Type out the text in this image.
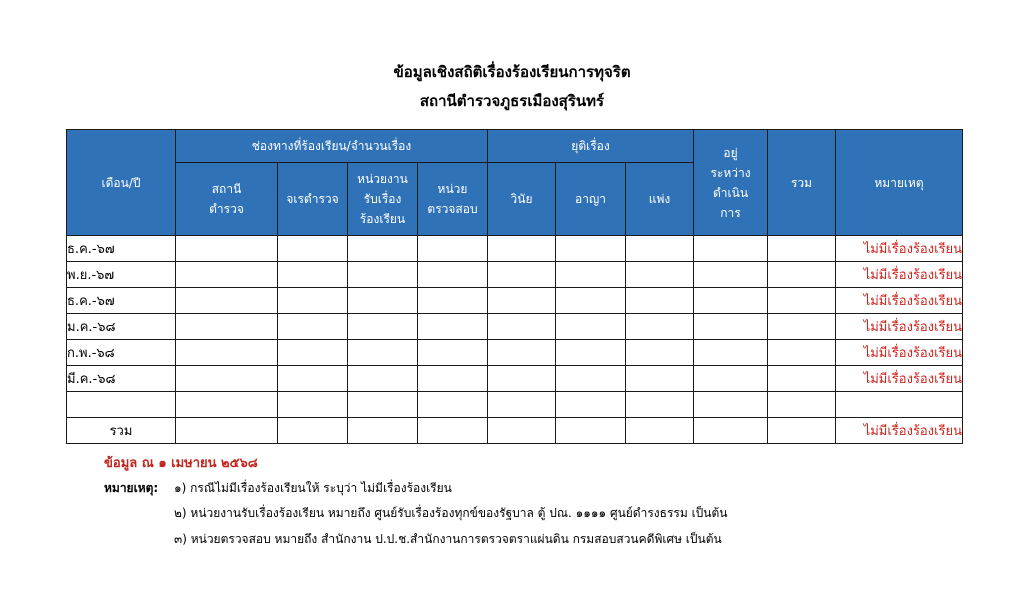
ข้อมูลเชิงสถิติเรื่องร้องเรียนการทุจริต
สถานีตำรวจภูธรเมืองสุรินทร์
เดือน/ปี	ช่องทางที่ร้องเรียน/จำนวนเรื่อง				ยุติเรื่อง			อยู่ ระหว่าง ดำเนินการ	รวม	หมายเหตุ

	สถานี ตำรวจ	จเรตำรวจ	หน่วยงาน รับเรื่อง ร้องเรียน	หน่วย ตรวจสอบ	วินัย	อาญา	แพ่ง			
ธ.ค.-๖๗										ไม่มีเรื่องร้องเรียน
พ.ย.-๖๗										ไม่มีเรื่องร้องเรียน
ธ.ค.-๖๗										ไม่มีเรื่องร้องเรียน
ม.ค.-๖๘										ไม่มีเรื่องร้องเรียน
ก.พ.-๖๘										ไม่มีเรื่องร้องเรียน
มี.ค.-๖๘										ไม่มีเรื่องร้องเรียน

รวม										ไม่มีเรื่องร้องเรียน
ข้อมูล ณ ๑ เมษายน ๒๕๖๘
หมายเหตุ: ๑) กรณีไม่มีเรื่องร้องเรียนให้ ระบุว่า ไม่มีเรื่องร้องเรียน
๒) หน่วยงานรับเรื่องร้องเรียน หมายถึง ศูนย์รับเรื่องร้องทุกข์ของรัฐบาล ตู้ ปณ. ๑๑๑๑ ศูนย์ดำรงธรรม เป็นต้น
๓) หน่วยตรวจสอบ หมายถึง สำนักงาน ป.ป.ช.สำนักงานการตรวจตราแผ่นดิน กรมสอบสวนคดีพิเศษ เป็นต้น
